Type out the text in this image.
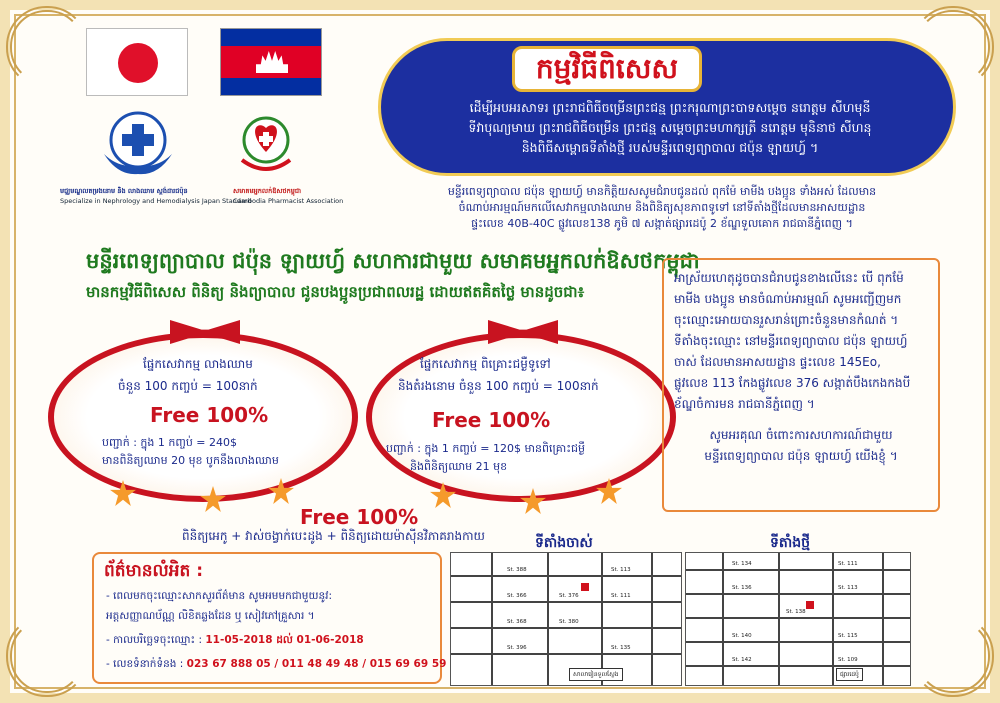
មជ្ឈមណ្ឌលតម្រងនោម និង លាងឈាម ស្តង់ដារជប៉ុន
Specialize in Nephrology and Hemodialysis Japan Standard
សមាគមអ្នកលក់ឱសថកម្ពុជា
Cambodia Pharmacist Association
កម្មវិធីពិសេស
ដើម្បីអបអរសាទរ ព្រះរាជពិធីចម្រើនព្រះជន្ម ព្រះករុណាព្រះបាទសម្តេច នរោត្តម សីហមុនី
ទីវាបុណ្យមាឃ ព្រះរាជពិធីចម្រើន ព្រះជន្ម សម្តេចព្រះមហាក្សត្រី នរោត្តម មុនិនាថ សីហនុ
និងពិធីសម្ពោធទីតាំងថ្មី របស់មន្ទីរពេទ្យព្យាបាល ជប៉ុន ឡាយហ្វ៍ ។
មន្ទីរពេទ្យព្យាបាល ជប៉ុន ឡាយហ្វ៍ មានកិត្តិយសសូមជំរាបជូនដល់ ពុកម៉ែ មាមីង បងប្អូន ទាំងអស់ ដែលមាន
ចំណាប់អារម្មណ៍មកលើសេវាកម្មលាងឈាម និងពិនិត្យសុខភាពទូទៅ នៅទីតាំងថ្មីដែលមានអាសយដ្ឋាន
ផ្ទះលេខ 40B-40C ផ្លូវលេខ138 ភូមិ ៧ សង្កាត់ផ្សារដេប៉ូ 2 ខ័ណ្ឌទួលគោក រាជធានីភ្នំពេញ ។
មន្ទីរពេទ្យព្យាបាល ជប៉ុន ឡាយហ្វ៍ សហការជាមួយ សមាគមអ្នកលក់ឱសថកម្ពុជា
មានកម្មវិធីពិសេស ពិនិត្យ និងព្យាបាល ជូនបងប្អូនប្រជាពលរដ្ឋ ដោយឥតគិតថ្លៃ មានដូចជា៖
ផ្នែកសេវាកម្ម លាងឈាម
ចំនួន 100 កញ្ចប់ = 100នាក់
Free 100%
បញ្ជាក់ : ក្នុង 1 កញ្ចប់ = 240$
មានពិនិត្យឈាម 20 មុខ បូកនឹងលាងឈាម
ផ្នែកសេវាកម្ម ពិគ្រោះជម្ងឺទូទៅ
និងតំរងនោម ចំនួន 100 កញ្ចប់ = 100នាក់
Free 100%
បញ្ជាក់ : ក្នុង 1 កញ្ចប់ = 120$ មានពិគ្រោះជម្ងឺ
និងពិនិត្យឈាម 21 មុខ
Free 100%
ពិនិត្យអេកូ + វាស់ចង្វាក់បេះដូង + ពិនិត្យដោយម៉ាស៊ីនវិភាគរាងកាយ

អាស្រ័យហេតុដូចបានជំរាបជូនខាងលើនេះ បើ ពុកម៉ែ

មាមីង បងប្អូន មានចំណាប់អារម្មណ៍ សូមអញ្ជើញមក

ចុះឈ្មោះអោយបានរួសរាន់ព្រោះចំនួនមានកំណត់ ។

ទីតាំងចុះឈ្មោះ នៅមន្ទីរពេទ្យព្យាបាល ជប៉ុន ឡាយហ្វ៍

ចាស់ ដែលមានអាសយដ្ឋាន ផ្ទះលេខ 145Eo,

ផ្លូវលេខ 113 កែងផ្លូវលេខ 376 សង្កាត់បឹងកេងកងបី

ខ័ណ្ឌចំការមន រាជធានីភ្នំពេញ ។

សូមអរគុណ ចំពោះការសហការណ៍ជាមួយ

មន្ទីរពេទ្យព្យាបាល ជប៉ុន ឡាយហ្វ៍ យើងខ្ញុំ ។

ព័ត៌មានលំអិត :
- ពេលមកចុះឈ្មោះសាកសួរព័ត៌មាន សូមអមមកជាមួយនូវ:
អត្តសញ្ញាណប័ណ្ណ លិខិតឆ្លងដែន ឬ សៀវភៅគ្រួសារ ។
- កាលបរិច្ឆេទចុះឈ្មោះ : 11-05-2018 ដល់ 01-06-2018
- លេខទំនាក់ទំនង : 023 67 888 05 / 011 48 49 48 / 015 69 69 59
ទីតាំងចាស់	ទីតាំងថ្មី
St. 388
St. 366	St. 376
St. 368	St. 380
St. 396
St. 113
St. 111
St. 135
សាលារៀនទួលស្លែង
St. 134
St. 136
St. 138
St. 140
St. 142
St. 111
St. 113
St. 115
St. 109
ផ្សារដេប៉ូ
